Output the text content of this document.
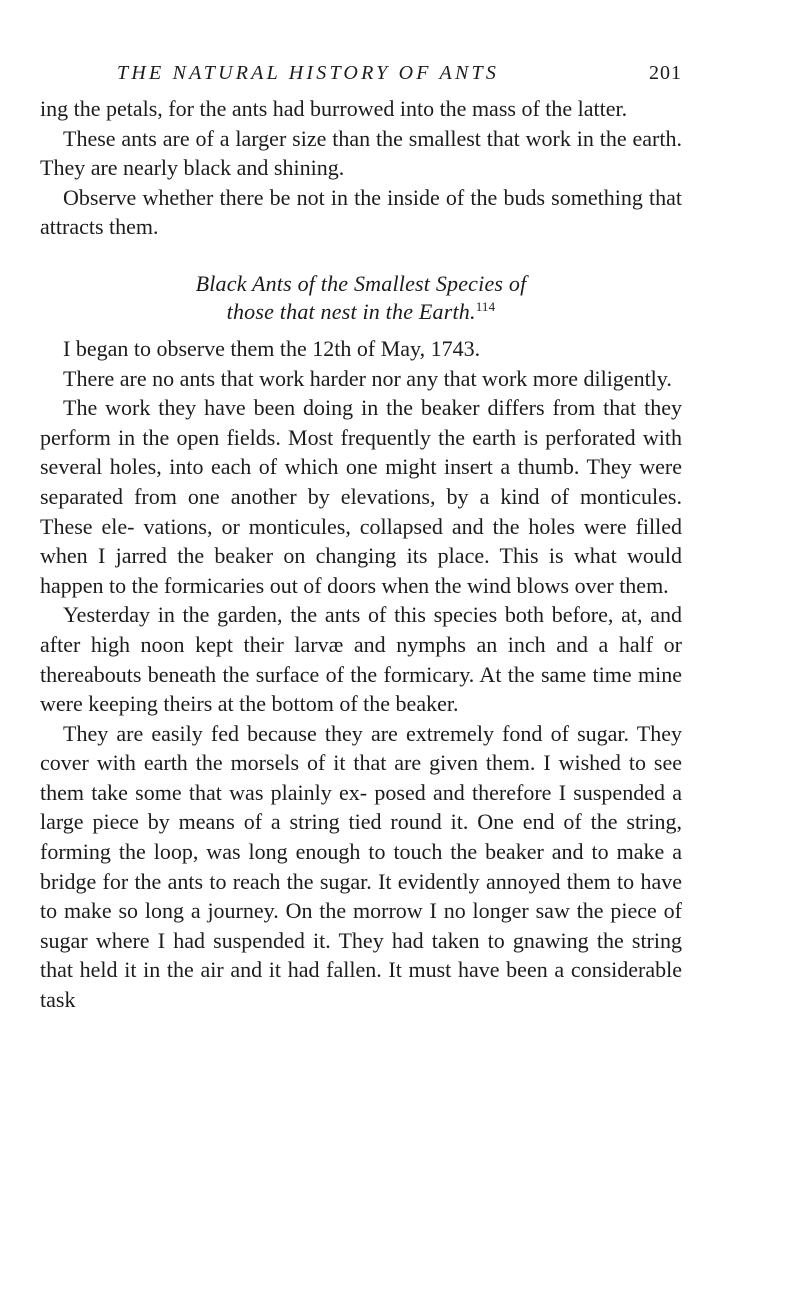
THE NATURAL HISTORY OF ANTS	201

ing the petals, for the ants had burrowed into the mass of the latter.

These ants are of a larger size than the smallest that work in the earth. They are nearly black and shining.

Observe whether there be not in the inside of the buds something that attracts them.

Black Ants of the Smallest Species of
those that nest in the Earth.$^{114}$

I began to observe them the 12th of May, 1743.

There are no ants that work harder nor any that work more diligently.

The work they have been doing in the beaker differs from that they perform in the open fields. Most frequently the earth is perforated with several holes, into each of which one might insert a thumb. They were separated from one another by elevations, by a kind of monticules. These ele- vations, or monticules, collapsed and the holes were filled when I jarred the beaker on changing its place. This is what would happen to the formicaries out of doors when the wind blows over them.

Yesterday in the garden, the ants of this species both before, at, and after high noon kept their larvæ and nymphs an inch and a half or thereabouts beneath the surface of the formicary. At the same time mine were keeping theirs at the bottom of the beaker.

They are easily fed because they are extremely fond of sugar. They cover with earth the morsels of it that are given them. I wished to see them take some that was plainly ex- posed and therefore I suspended a large piece by means of a string tied round it. One end of the string, forming the loop, was long enough to touch the beaker and to make a bridge for the ants to reach the sugar. It evidently annoyed them to have to make so long a journey. On the morrow I no longer saw the piece of sugar where I had suspended it. They had taken to gnawing the string that held it in the air and it had fallen. It must have been a considerable task
